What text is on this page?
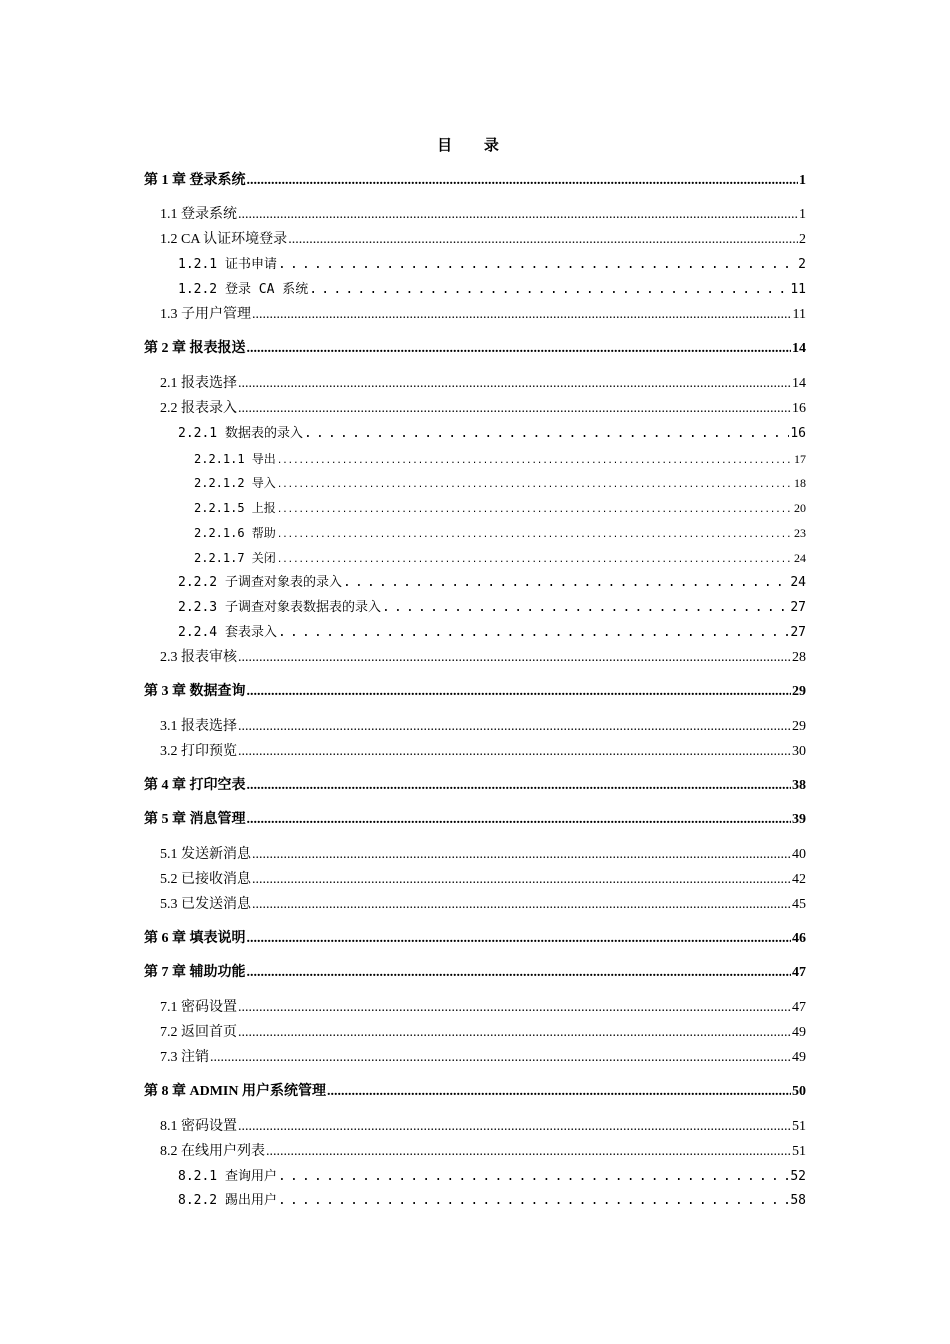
目 录
第 1 章 登录系统 .....	1
1.1 登录系统 .....	1
1.2 CA 认证环境登录 .....	2
1.2.1 证书申请 .....	2
1.2.2 登录 CA 系统 .....	11
1.3 子用户管理 .....	11
第 2 章 报表报送 .....	14
2.1 报表选择 .....	14
2.2 报表录入 .....	16
2.2.1 数据表的录入 .....	16
2.2.1.1 导出 .....	17
2.2.1.2 导入 .....	18
2.2.1.5 上报 .....	20
2.2.1.6 帮助 .....	23
2.2.1.7 关闭 .....	24
2.2.2 子调查对象表的录入 .....	24
2.2.3 子调查对象表数据表的录入 .....	27
2.2.4 套表录入 .....	27
2.3 报表审核 .....	28
第 3 章 数据查询 .....	29
3.1 报表选择 .....	29
3.2 打印预览 .....	30
第 4 章 打印空表 .....	38
第 5 章 消息管理 .....	39
5.1 发送新消息 .....	40
5.2 已接收消息 .....	42
5.3 已发送消息 .....	45
第 6 章 填表说明 .....	46
第 7 章 辅助功能 .....	47
7.1 密码设置 .....	47
7.2 返回首页 .....	49
7.3 注销 .....	49
第 8 章 ADMIN 用户系统管理 .....	50
8.1 密码设置 .....	51
8.2 在线用户列表 .....	51
8.2.1 查询用户 .....	52
8.2.2 踢出用户 .....	58
